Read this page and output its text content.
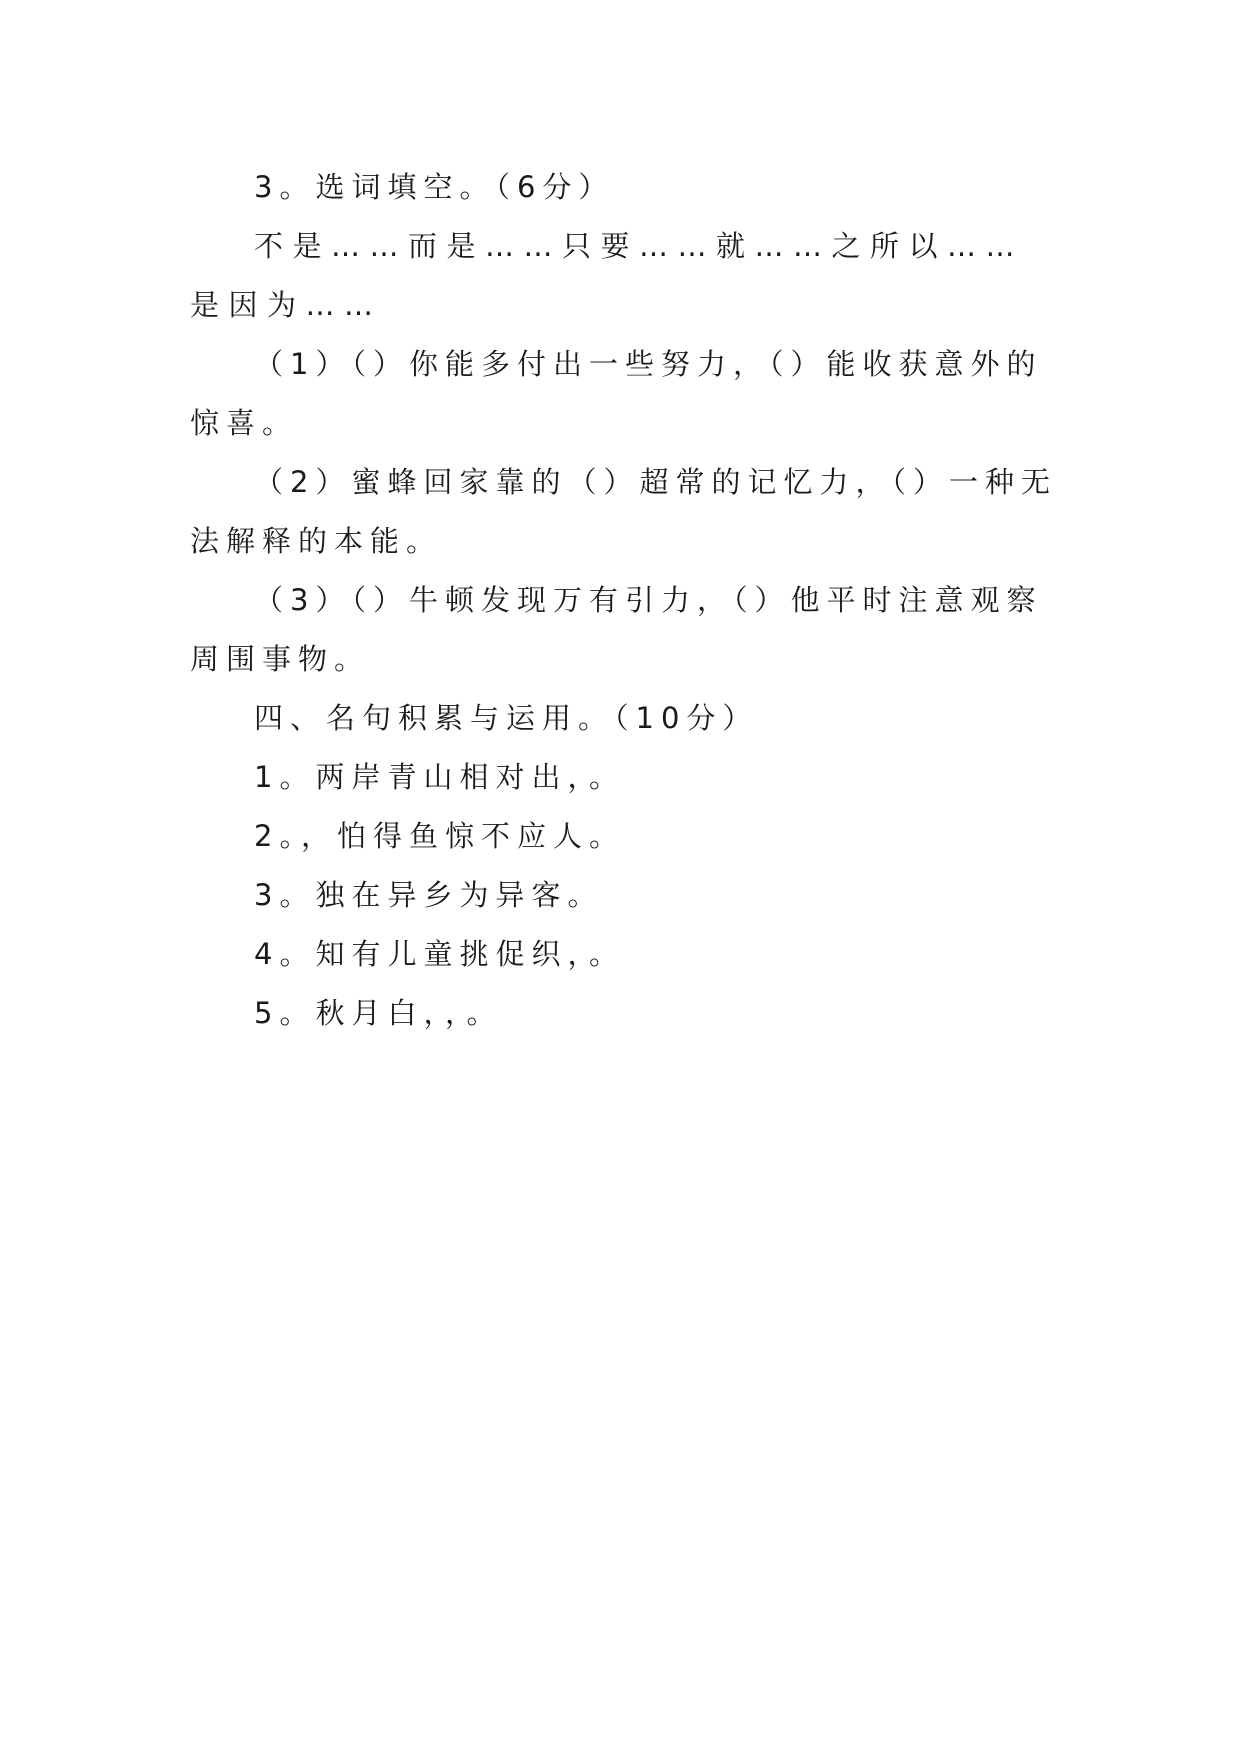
3。选词填空。（6分）

不是……而是……只要……就……之所以……是因为……

（1）（）你能多付出一些努力，（）能收获意外的惊喜。

（2）蜜蜂回家靠的（）超常的记忆力，（）一种无法解释的本能。

（3）（）牛顿发现万有引力，（）他平时注意观察周围事物。

四、名句积累与运用。（10分）

1。两岸青山相对出，。

2。，怕得鱼惊不应人。

3。独在异乡为异客。

4。知有儿童挑促织，。

5。秋月白，，。
